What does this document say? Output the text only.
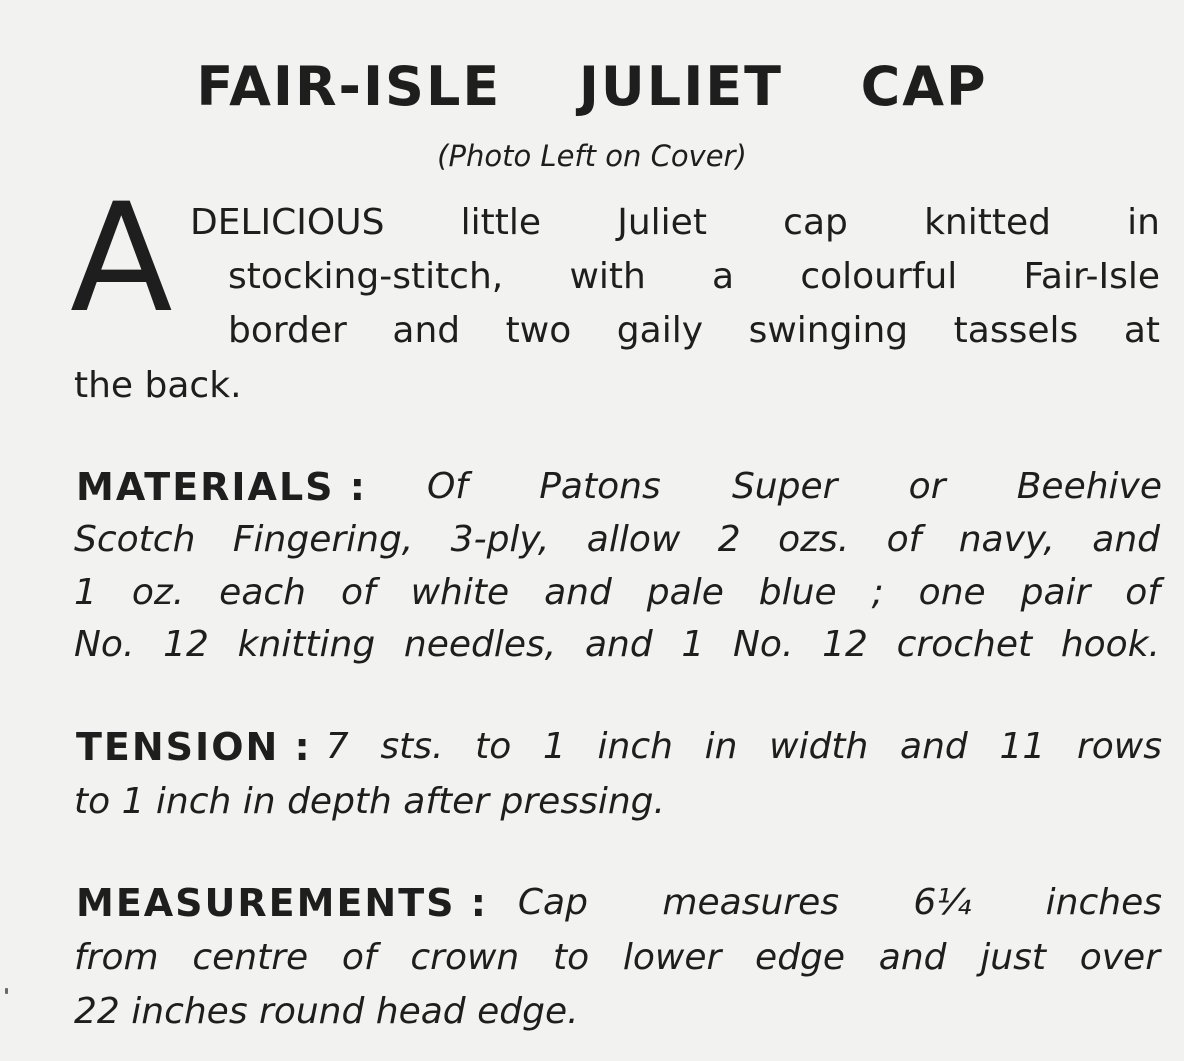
FAIR-ISLE  JULIET  CAP
(Photo Left on Cover)
A DELICIOUS little Juliet cap knitted in
stocking-stitch, with a colourful Fair-Isle
border and two gaily swinging tassels at
the back.
MATERIALS : Of Patons Super or Beehive
Scotch Fingering, 3-ply, allow 2 ozs. of navy, and
1 oz. each of white and pale blue ; one pair of
No. 12 knitting needles, and 1 No. 12 crochet hook.
TENSION : 7 sts. to 1 inch in width and 11 rows
to 1 inch in depth after pressing.
MEASUREMENTS : Cap measures 6¼ inches
from centre of crown to lower edge and just over
22 inches round head edge.
